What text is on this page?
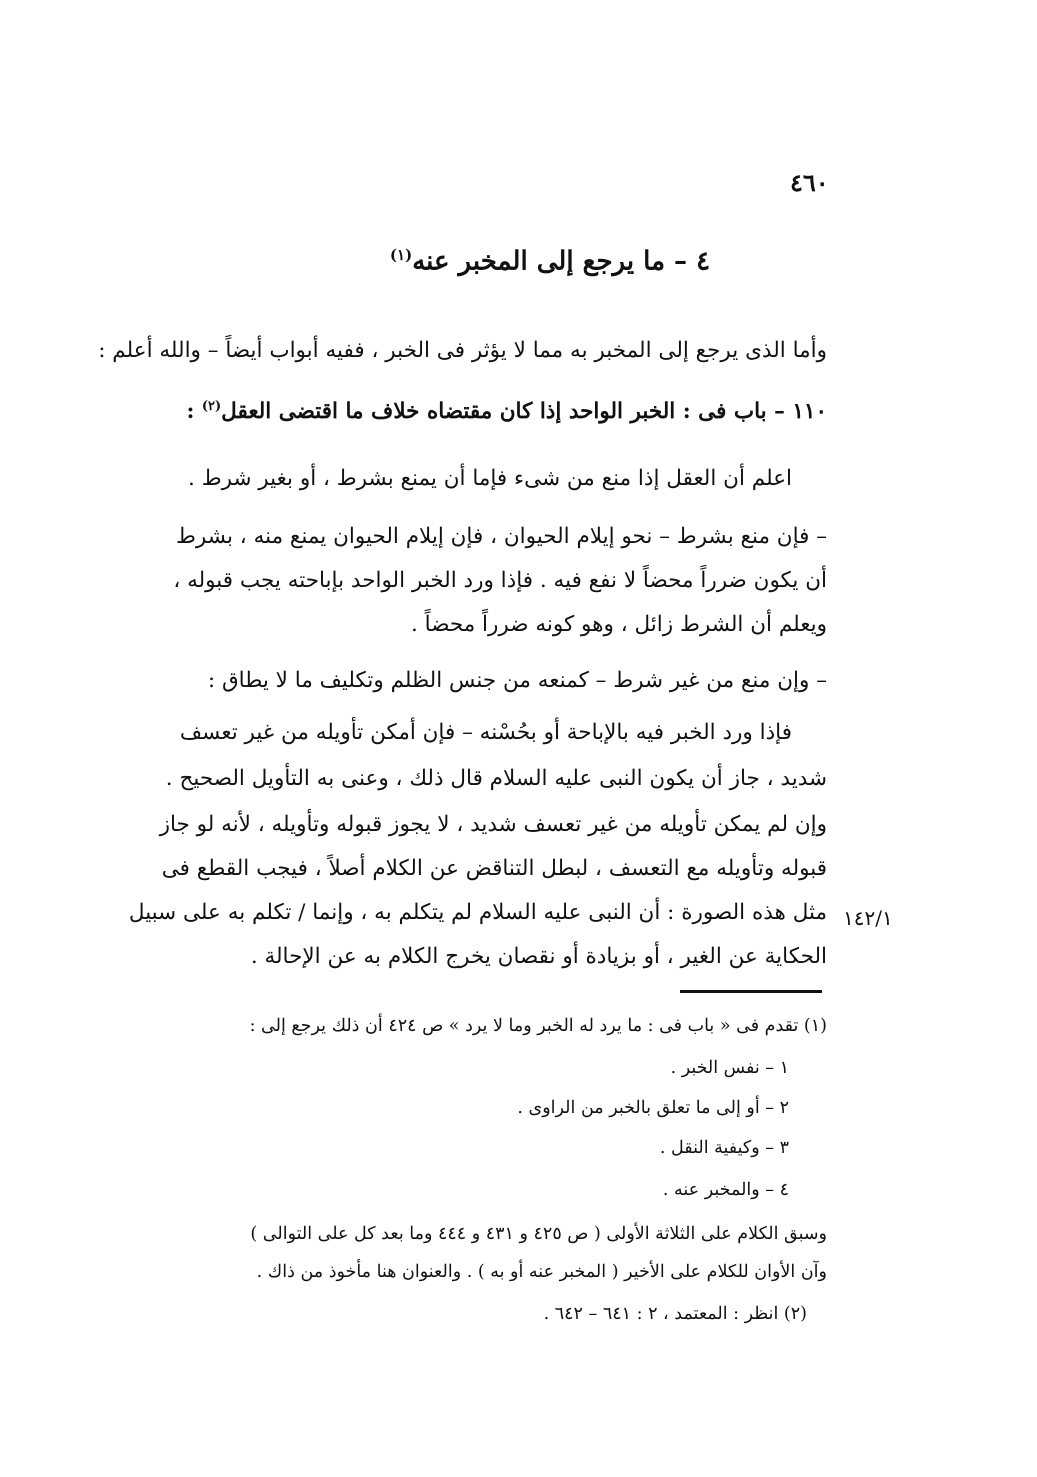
٤٦٠
٤ – ما يرجع إلى المخبر عنه$^{(١)}$
وأما الذى يرجع إلى المخبر به مما لا يؤثر فى الخبر ، ففيه أبواب أيضاً – والله أعلم :
١١٠ – باب فى : الخبر الواحد إذا كان مقتضاه خلاف ما اقتضى العقل$^{(٢)}$ :
اعلم أن العقل إذا منع من شىء فإما أن يمنع بشرط ، أو بغير شرط .
– فإن منع بشرط – نحو إيلام الحيوان ، فإن إيلام الحيوان يمنع منه ، بشرط
أن يكون ضرراً محضاً لا نفع فيه . فإذا ورد الخبر الواحد بإباحته يجب قبوله ،
ويعلم أن الشرط زائل ، وهو كونه ضرراً محضاً .
– وإن منع من غير شرط – كمنعه من جنس الظلم وتكليف ما لا يطاق :
فإذا ورد الخبر فيه بالإباحة أو بحُسْنه – فإن أمكن تأويله من غير تعسف
شديد ، جاز أن يكون النبى عليه السلام قال ذلك ، وعنى به التأويل الصحيح .
وإن لم يمكن تأويله من غير تعسف شديد ، لا يجوز قبوله وتأويله ، لأنه لو جاز
قبوله وتأويله مع التعسف ، لبطل التناقض عن الكلام أصلاً ، فيجب القطع فى
مثل هذه الصورة : أن النبى عليه السلام لم يتكلم به ، وإنما / تكلم به على سبيل
الحكاية عن الغير ، أو بزيادة أو نقصان يخرج الكلام به عن الإحالة .
١٤٢/١
(١) تقدم فى « باب فى : ما يرد له الخبر وما لا يرد » ص ٤٢٤ أن ذلك يرجع إلى :
١ – نفس الخبر .
٢ – أو إلى ما تعلق بالخبر من الراوى .
٣ – وكيفية النقل .
٤ – والمخبر عنه .
وسبق الكلام على الثلاثة الأولى ( ص ٤٢٥ و ٤٣١ و ٤٤٤ وما بعد كل على التوالى )
وآن الأوان للكلام على الأخير ( المخبر عنه أو به ) . والعنوان هنا مأخوذ من ذاك .
(٢) انظر : المعتمد ، ٢ : ٦٤١ – ٦٤٢ .
